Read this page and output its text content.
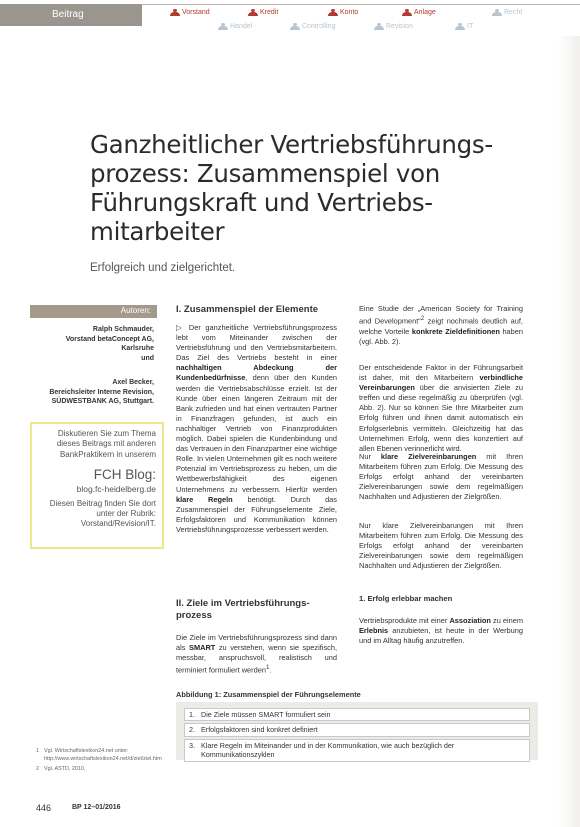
Beitrag	Vorstand	Kredit	Konto	Anlage	Recht
Handel	Controlling	Revision	IT
Ganzheitlicher Vertriebsführungs-prozess: Zusammenspiel von Führungskraft und Vertriebs-mitarbeiter
Erfolgreich und zielgerichtet.
Autoren:
Ralph Schmauder,
Vorstand betaConcept AG,
Karlsruhe
und
Axel Becker,
Bereichsleiter Interne Revision,
SÜDWESTBANK AG, Stuttgart.
Diskutieren Sie zum Thema dieses Beitrags mit anderen BankPraktikern in unserem
FCH Blog:
blog.fc-heidelberg.de
Diesen Beitrag finden Sie dort unter der Rubrik: Vorstand/Revision/IT.
I. Zusammenspiel der Elemente

▷ Der ganzheitliche Vertriebsführungsprozess lebt vom Miteinander zwischen der Vertriebsführung und den Vertriebsmitarbeitern. Das Ziel des Vertriebs besteht in einer nachhaltigen Abdeckung der Kundenbedürfnisse, denn über den Kunden werden die Vertriebsabschlüsse erzielt. Ist der Kunde über einen längeren Zeitraum mit der Bank zufrieden und hat einen vertrauten Partner in Finanzfragen gefunden, ist auch ein nachhaltiger Vertrieb von Finanzprodukten möglich. Dabei spielen die Kundenbindung und das Vertrauen in den Finanzpartner eine wichtige Rolle. In vielen Unternehmen gilt es noch weitere Potenzial im Vertriebsprozess zu heben, um die Wettbewerbsfähigkeit des eigenen Unternehmens zu verbessern. Hierfür werden klare Regeln benötigt. Durch das Zusammenspiel der Führungselemente Ziele, Erfolgsfaktoren und Kommunikation können Vertriebsführungsprozesse verbessert werden.

II. Ziele im Vertriebsführungs-prozess

Die Ziele im Vertriebsführungsprozess sind dann als SMART zu verstehen, wenn sie spezifisch, messbar, anspruchsvoll, realistisch und terminiert formuliert werden$^1$.

Eine Studie der „American Society for Training and Development“$^2$ zeigt nochmals deutlich auf, welche Vorteile konkrete Zieldefinitionen haben (vgl. Abb. 2).

Der entscheidende Faktor in der Führungsarbeit ist daher, mit den Mitarbeitern verbindliche Vereinbarungen über die anvisierten Ziele zu treffen und diese regelmäßig zu überprüfen (vgl. Abb. 2). Nur so können Sie Ihre Mitarbeiter zum Erfolg führen und ihnen damit automatisch ein Erfolgserlebnis vermitteln. Gleichzeitig hat das Unternehmen Erfolg, wenn dies konzertiert auf allen Ebenen verinnerlicht wird.

Nur klare Zielvereinbarungen mit Ihren Mitarbeitern führen zum Erfolg. Die Messung des Erfolgs erfolgt anhand der vereinbarten Zielvereinbarungen sowie dem regelmäßigen Nachhalten und Adjustieren der Zielgrößen.

Nur klare Zielvereinbarungen mit Ihren Mitarbeitern führen zum Erfolg. Die Messung des Erfolgs erfolgt anhand der vereinbarten Zielvereinbarungen sowie dem regelmäßigen Nachhalten und Adjustieren der Zielgrößen.

1. Erfolg erlebbar machen

Vertriebsprodukte mit einer Assoziation zu einem Erlebnis anzubieten, ist heute in der Werbung und im Alltag häufig anzutreffen.

Abbildung 1: Zusammenspiel der Führungselemente
1. Die Ziele müssen SMART formuliert sein
2. Erfolgsfaktoren sind konkret definiert
3. Klare Regeln im Miteinander und in der Kommunikation, wie auch bezüglich der Kommunikationszyklen
1 Vgl. Wirtschaftslexikon24.net unter: http://www.wirtschaftslexikon24.net/d/ziel/ziel.htm
2 Vgl. ASTD, 2010.
446	BP 12–01/2016
